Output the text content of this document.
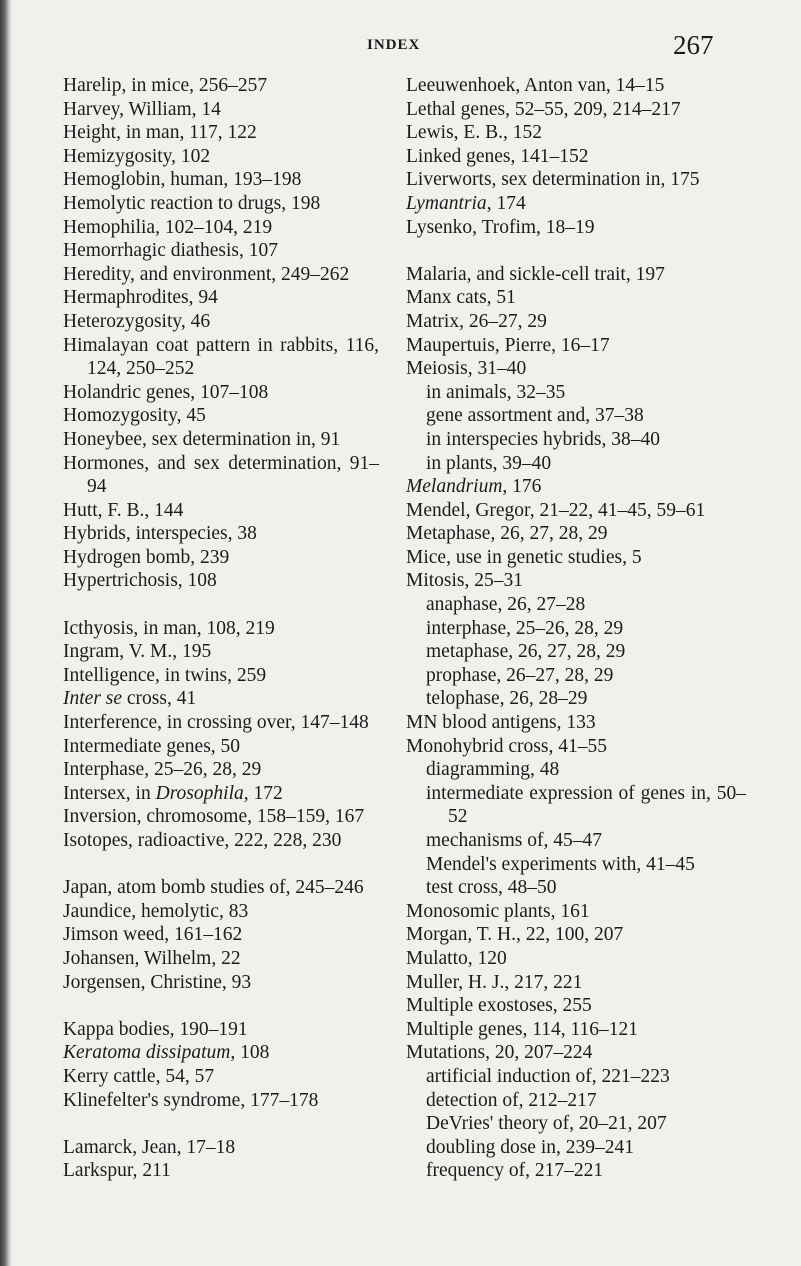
INDEX	267
Harelip, in mice, 256–257
Harvey, William, 14
Height, in man, 117, 122
Hemizygosity, 102
Hemoglobin, human, 193–198
Hemolytic reaction to drugs, 198
Hemophilia, 102–104, 219
Hemorrhagic diathesis, 107
Heredity, and environment, 249–262
Hermaphrodites, 94
Heterozygosity, 46
Himalayan coat pattern in rabbits, 116, 124, 250–252
Holandric genes, 107–108
Homozygosity, 45
Honeybee, sex determination in, 91
Hormones, and sex determination, 91–94
Hutt, F. B., 144
Hybrids, interspecies, 38
Hydrogen bomb, 239
Hypertrichosis, 108
Icthyosis, in man, 108, 219
Ingram, V. M., 195
Intelligence, in twins, 259
Inter se cross, 41
Interference, in crossing over, 147–148
Intermediate genes, 50
Interphase, 25–26, 28, 29
Intersex, in Drosophila, 172
Inversion, chromosome, 158–159, 167
Isotopes, radioactive, 222, 228, 230
Japan, atom bomb studies of, 245–246
Jaundice, hemolytic, 83
Jimson weed, 161–162
Johansen, Wilhelm, 22
Jorgensen, Christine, 93
Kappa bodies, 190–191
Keratoma dissipatum, 108
Kerry cattle, 54, 57
Klinefelter's syndrome, 177–178
Lamarck, Jean, 17–18
Larkspur, 211
Leeuwenhoek, Anton van, 14–15
Lethal genes, 52–55, 209, 214–217
Lewis, E. B., 152
Linked genes, 141–152
Liverworts, sex determination in, 175
Lymantria, 174
Lysenko, Trofim, 18–19
Malaria, and sickle-cell trait, 197
Manx cats, 51
Matrix, 26–27, 29
Maupertuis, Pierre, 16–17
Meiosis, 31–40
in animals, 32–35
gene assortment and, 37–38
in interspecies hybrids, 38–40
in plants, 39–40
Melandrium, 176
Mendel, Gregor, 21–22, 41–45, 59–61
Metaphase, 26, 27, 28, 29
Mice, use in genetic studies, 5
Mitosis, 25–31
anaphase, 26, 27–28
interphase, 25–26, 28, 29
metaphase, 26, 27, 28, 29
prophase, 26–27, 28, 29
telophase, 26, 28–29
MN blood antigens, 133
Monohybrid cross, 41–55
diagramming, 48
intermediate expression of genes in, 50–52
mechanisms of, 45–47
Mendel's experiments with, 41–45
test cross, 48–50
Monosomic plants, 161
Morgan, T. H., 22, 100, 207
Mulatto, 120
Muller, H. J., 217, 221
Multiple exostoses, 255
Multiple genes, 114, 116–121
Mutations, 20, 207–224
artificial induction of, 221–223
detection of, 212–217
DeVries' theory of, 20–21, 207
doubling dose in, 239–241
frequency of, 217–221
